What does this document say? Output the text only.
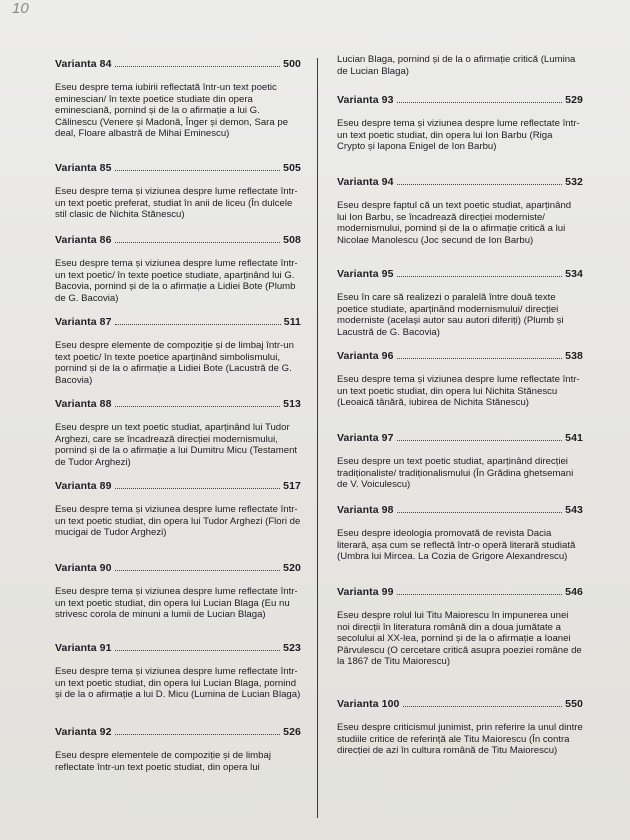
10
Varianta 84	500

Eseu despre tema iubirii reflectată într-un text poetic eminescian/ în texte poetice studiate din opera eminesciană, pornind și de la o afirmație a lui G. Călinescu (Venere și Madonă, Înger și demon, Sara pe deal, Floare albastră de Mihai Eminescu)

Varianta 85	505

Eseu despre tema și viziunea despre lume reflectate într-un text poetic preferat, studiat în anii de liceu (În dulcele stil clasic de Nichita Stănescu)

Varianta 86	508

Eseu despre tema și viziunea despre lume reflectate într-un text poetic/ în texte poetice studiate, aparținând lui G. Bacovia, pornind și de la o afirmație a Lidiei Bote (Plumb de G. Bacovia)

Varianta 87	511

Eseu despre elemente de compoziție și de limbaj într-un text poetic/ în texte poetice aparținând simbolismului, pornind și de la o afirmație a Lidiei Bote (Lacustră de G. Bacovia)

Varianta 88	513

Eseu despre un text poetic studiat, aparținând lui Tudor Arghezi, care se încadrează direcției modernismului, pornind și de la o afirmație a lui Dumitru Micu (Testament de Tudor Arghezi)

Varianta 89	517

Eseu despre tema și viziunea despre lume reflectate într-un text poetic studiat, din opera lui Tudor Arghezi (Flori de mucigai de Tudor Arghezi)

Varianta 90	520

Eseu despre tema și viziunea despre lume reflectate într-un text poetic studiat, din opera lui Lucian Blaga (Eu nu strivesc corola de minuni a lumii de Lucian Blaga)

Varianta 91	523

Eseu despre tema și viziunea despre lume reflectate într-un text poetic studiat, din opera lui Lucian Blaga, pornind și de la o afirmație a lui D. Micu (Lumina de Lucian Blaga)

Varianta 92	526

Eseu despre elementele de compoziție și de limbaj reflectate într-un text poetic studiat, din opera lui

Lucian Blaga, pornind și de la o afirmație critică (Lumina de Lucian Blaga)

Varianta 93	529

Eseu despre tema și viziunea despre lume reflectate într-un text poetic studiat, din opera lui Ion Barbu (Riga Crypto și lapona Enigel de Ion Barbu)

Varianta 94	532

Eseu despre faptul că un text poetic studiat, aparținând lui Ion Barbu, se încadrează direcției moderniste/ modernismului, pornind și de la o afirmație critică a lui Nicolae Manolescu (Joc secund de Ion Barbu)

Varianta 95	534

Eseu în care să realizezi o paralelă între două texte poetice studiate, aparținând modernismului/ direcției moderniste (același autor sau autori diferiți) (Plumb și Lacustră de G. Bacovia)

Varianta 96	538

Eseu despre tema și viziunea despre lume reflectate într-un text poetic studiat, din opera lui Nichita Stănescu (Leoaică tânără, iubirea de Nichita Stănescu)

Varianta 97	541

Eseu despre un text poetic studiat, aparținând direcției tradiționaliste/ tradiționalismului (În Grădina ghetsemani de V. Voiculescu)

Varianta 98	543

Eseu despre ideologia promovată de revista Dacia literară, așa cum se reflectă într-o operă literară studiată (Umbra lui Mircea. La Cozia de Grigore Alexandrescu)

Varianta 99	546

Eseu despre rolul lui Titu Maiorescu în impunerea unei noi direcții în literatura română din a doua jumătate a secolului al XX-lea, pornind și de la o afirmație a Ioanei Pârvulescu (O cercetare critică asupra poeziei române de la 1867 de Titu Maiorescu)

Varianta 100	550

Eseu despre criticismul junimist, prin referire la unul dintre studiile critice de referință ale Titu Maiorescu (În contra direcției de azi în cultura română de Titu Maiorescu)
